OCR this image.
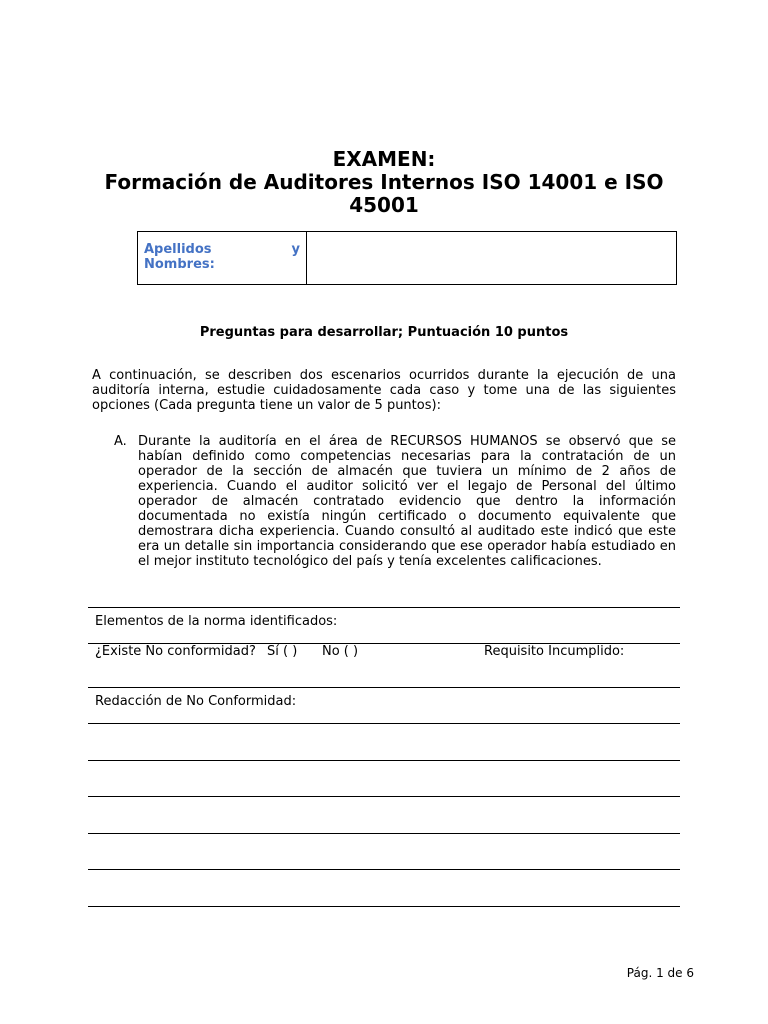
EXAMEN:
Formación de Auditores Internos ISO 14001 e ISO
45001
Apellidos	y

Nombres:
Preguntas para desarrollar; Puntuación 10 puntos
A continuación, se describen dos escenarios ocurridos durante la ejecución de una auditoría interna, estudie cuidadosamente cada caso y tome una de las siguientes opciones (Cada pregunta tiene un valor de 5 puntos):
A. Durante la auditoría en el área de RECURSOS HUMANOS se observó que se habían definido como competencias necesarias para la contratación de un operador de la sección de almacén que tuviera un mínimo de 2 años de experiencia. Cuando el auditor solicitó ver el legajo de Personal del último operador de almacén contratado evidencio que dentro la información documentada no existía ningún certificado o documento equivalente que demostrara dicha experiencia. Cuando consultó al auditado este indicó que este era un detalle sin importancia considerando que ese operador había estudiado en el mejor instituto tecnológico del país y tenía excelentes calificaciones.
Elementos de la norma identificados:
¿Existe No conformidad? Sí ( ) No ( )	Requisito Incumplido:
Redacción de No Conformidad:
Pág. 1 de 6
